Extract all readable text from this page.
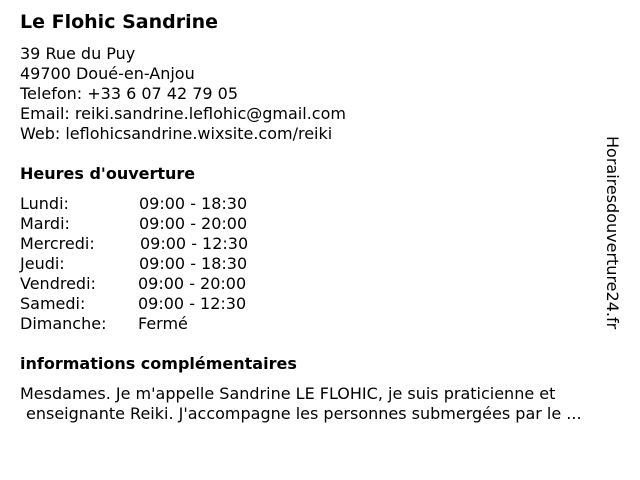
Le Flohic Sandrine
39 Rue du Puy
49700 Doué-en-Anjou
Telefon: +33 6 07 42 79 05
Email: reiki.sandrine.leflohic@gmail.com
Web: leflohicsandrine.wixsite.com/reiki
Heures d'ouverture
Lundi:	09:00 - 18:30
Mardi:	09:00 - 20:00
Mercredi:	09:00 - 12:30
Jeudi:	09:00 - 18:30
Vendredi:	09:00 - 20:00
Samedi:	09:00 - 12:30
Dimanche: Fermé
informations complémentaires
Mesdames. Je m'appelle Sandrine LE FLOHIC, je suis praticienne et
enseignante Reiki. J'accompagne les personnes submergées par le ...
Horairesdouverture24.fr
